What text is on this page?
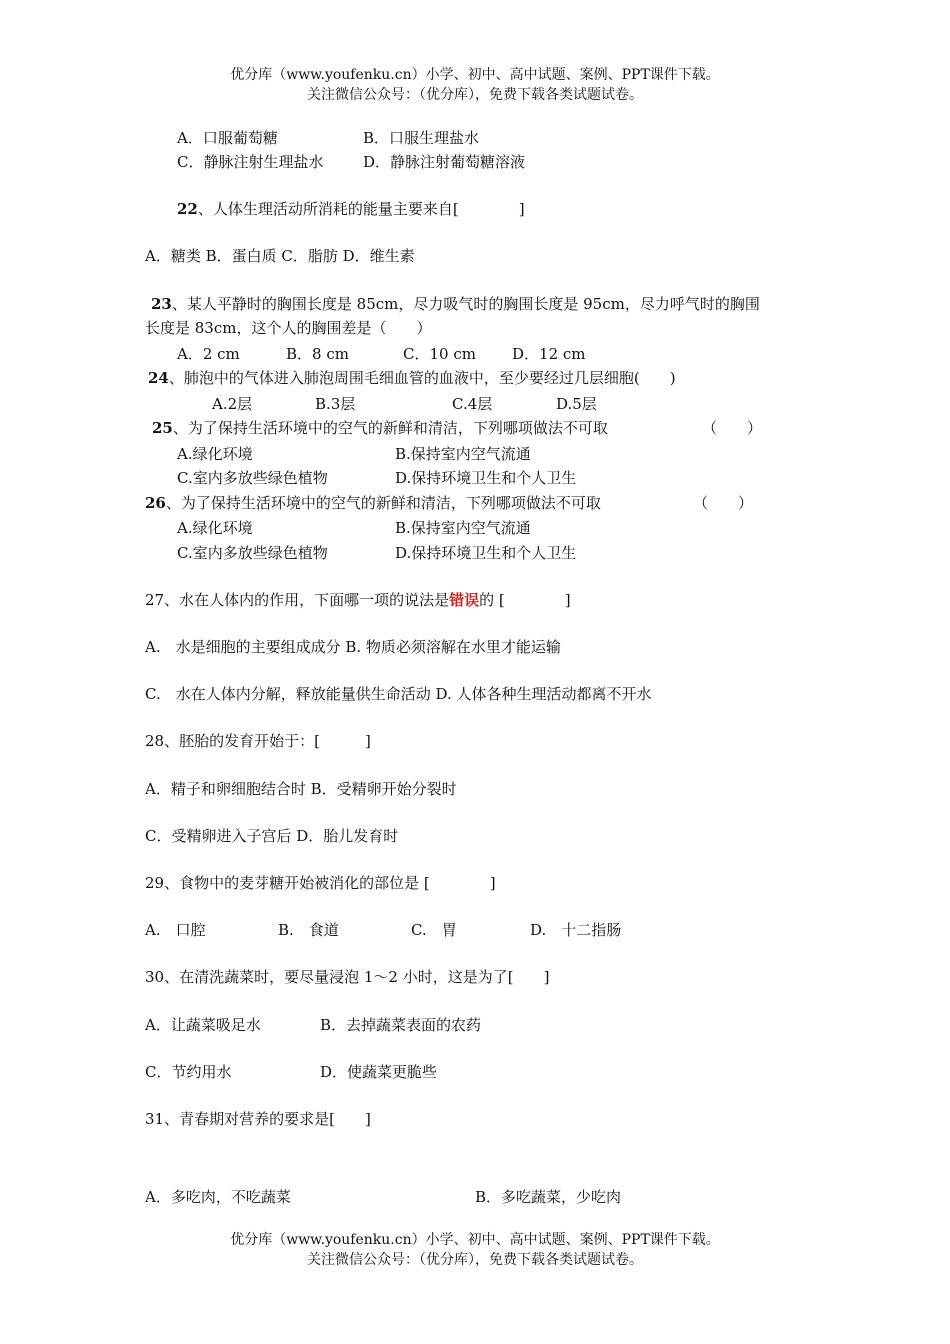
优分库（www.youfenku.cn）小学、初中、高中试题、案例、PPT课件下载。
关注微信公众号：（优分库），免费下载各类试题试卷。
A．口服葡萄糖	B．口服生理盐水
C．静脉注射生理盐水	D．静脉注射葡萄糖溶液
22、人体生理活动所消耗的能量主要来自[　　　　]
A．糖类 B．蛋白质 C．脂肪 D．维生素
23、某人平静时的胸围长度是 85cm，尽力吸气时的胸围长度是 95cm，尽力呼气时的胸围
长度是 83cm，这个人的胸围差是（　　）
A．2 cm	B．8 cm	C．10 cm D．12 cm
24、肺泡中的气体进入肺泡周围毛细血管的血液中，至少要经过几层细胞(　　)
A.2层	B.3层	C.4层	D.5层
25、为了保持生活环境中的空气的新鲜和清洁，下列哪项做法不可取	（　　）
A.绿化环境	B.保持室内空气流通
C.室内多放些绿色植物	D.保持环境卫生和个人卫生
26、为了保持生活环境中的空气的新鲜和清洁，下列哪项做法不可取	（　　）
A.绿化环境	B.保持室内空气流通
C.室内多放些绿色植物	D.保持环境卫生和个人卫生
27、水在人体内的作用，下面哪一项的说法是错误的 [　　　　]
A.　水是细胞的主要组成成分 B. 物质必须溶解在水里才能运输
C.　水在人体内分解，释放能量供生命活动 D. 人体各种生理活动都离不开水
28、胚胎的发育开始于：[　　　]
A．精子和卵细胞结合时 B．受精卵开始分裂时
C．受精卵进入子宫后 D．胎儿发育时
29、食物中的麦芽糖开始被消化的部位是 [　　　　]
A.　口腔	B.　食道	C.　胃	D.　十二指肠
30、在清洗蔬菜时，要尽量浸泡 1～2 小时，这是为了[　　]
A．让蔬菜吸足水	B．去掉蔬菜表面的农药
C．节约用水	D．使蔬菜更脆些
31、青春期对营养的要求是[　　]
A．多吃肉，不吃蔬菜	B．多吃蔬菜，少吃肉
优分库（www.youfenku.cn）小学、初中、高中试题、案例、PPT课件下载。
关注微信公众号：（优分库），免费下载各类试题试卷。
